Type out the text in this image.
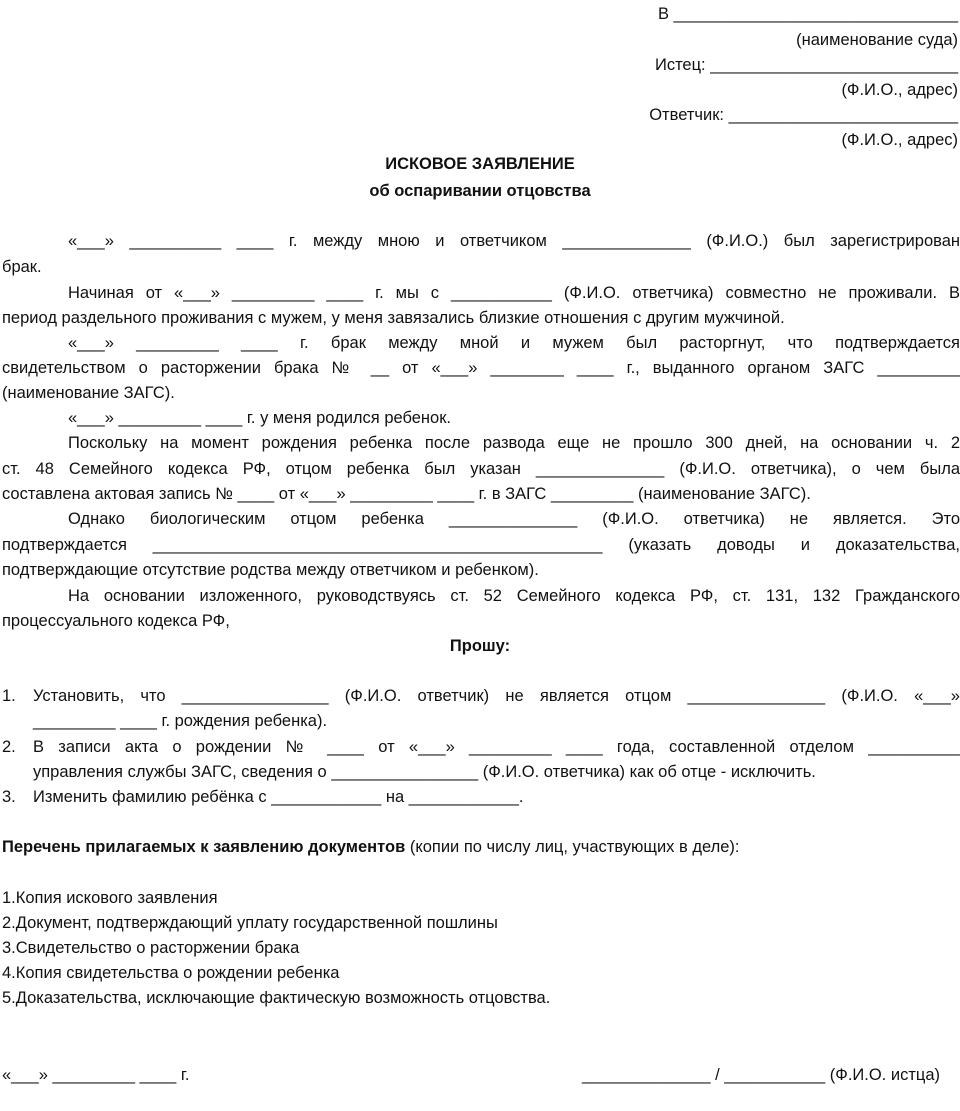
В _______________________________
(наименование суда)
Истец: ___________________________
(Ф.И.О., адрес)
Ответчик: _________________________
(Ф.И.О., адрес)
ИСКОВОЕ ЗАЯВЛЕНИЕ
об оспаривании отцовства
«___» __________ ____ г. между мною и ответчиком ______________ (Ф.И.О.) был зарегистрирован
брак.
Начиная от «___» _________ ____ г. мы с ___________ (Ф.И.О. ответчика) совместно не проживали. В
период раздельного проживания с мужем, у меня завязались близкие отношения с другим мужчиной.
«___» _________ ____ г. брак между мной и мужем был расторгнут, что подтверждается
свидетельством о расторжении брака № __ от «___» ________ ____ г., выданного органом ЗАГС _________
(наименование ЗАГС).
«___» _________ ____ г. у меня родился ребенок.
Поскольку на момент рождения ребенка после развода еще не прошло 300 дней, на основании ч. 2
ст. 48 Семейного кодекса РФ, отцом ребенка был указан ______________ (Ф.И.О. ответчика), о чем была
составлена актовая запись № ____ от «___» _________ ____ г. в ЗАГС _________ (наименование ЗАГС).
Однако биологическим отцом ребенка ______________ (Ф.И.О. ответчика) не является. Это
подтверждается _________________________________________________ (указать доводы и доказательства,
подтверждающие отсутствие родства между ответчиком и ребенком).
На основании изложенного, руководствуясь ст. 52 Семейного кодекса РФ, ст. 131, 132 Гражданского
процессуального кодекса РФ,
Прошу:
1. Установить, что ________________ (Ф.И.О. ответчик) не является отцом _______________ (Ф.И.О. «___»
_________ ____ г. рождения ребенка).
2. В записи акта о рождении № ____ от «___» _________ ____ года, составленной отделом __________
управления службы ЗАГС, сведения о ________________ (Ф.И.О. ответчика) как об отце - исключить.
3. Изменить фамилию ребёнка с ____________ на ____________.
Перечень прилагаемых к заявлению документов (копии по числу лиц, участвующих в деле):
1.Копия искового заявления
2.Документ, подтверждающий уплату государственной пошлины
3.Свидетельство о расторжении брака
4.Копия свидетельства о рождении ребенка
5.Доказательства, исключающие фактическую возможность отцовства.
«___» _________ ____ г.	______________ / ___________ (Ф.И.О. истца)
